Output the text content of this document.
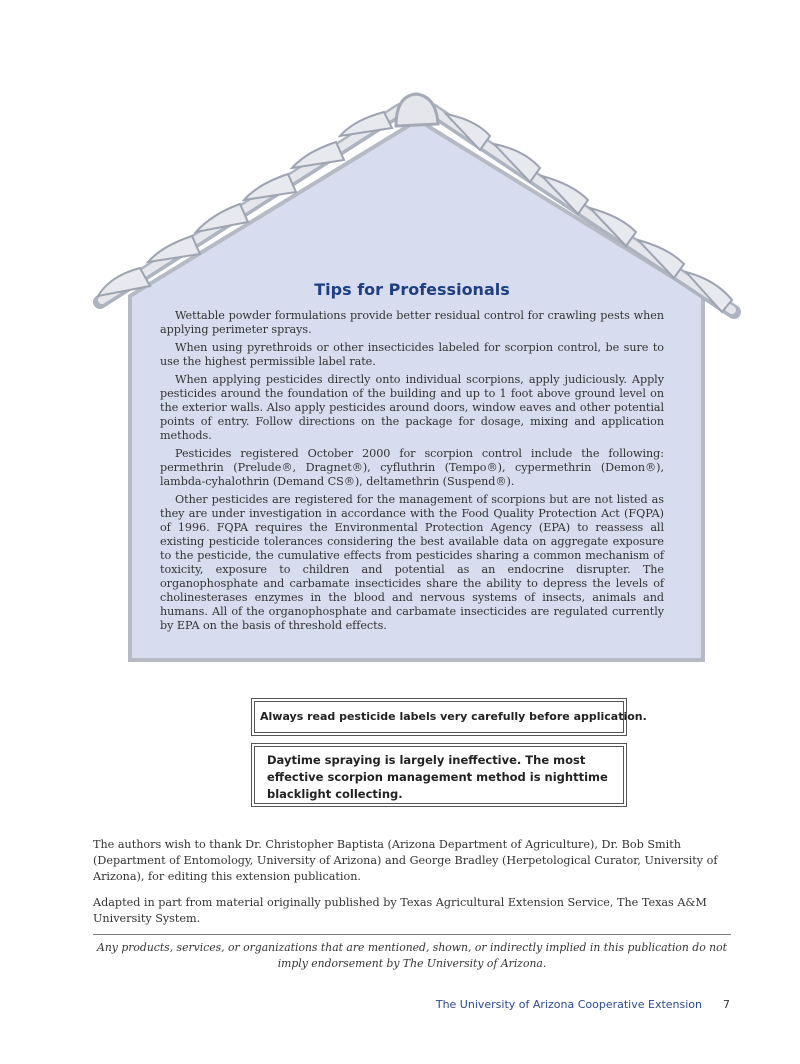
Tips for Professionals

Wettable powder formulations provide better residual control for crawling pests when applying perimeter sprays.

When using pyrethroids or other insecticides labeled for scorpion control, be sure to use the highest permissible label rate.

When applying pesticides directly onto individual scorpions, apply judiciously. Apply pesticides around the foundation of the building and up to 1 foot above ground level on the exterior walls. Also apply pesticides around doors, window eaves and other potential points of entry. Follow directions on the package for dosage, mixing and application methods.

Pesticides registered October 2000 for scorpion control include the following: permethrin (Prelude®, Dragnet®), cyfluthrin (Tempo®), cypermethrin (Demon®), lambda-cyhalothrin (Demand CS®), deltamethrin (Suspend®).

Other pesticides are registered for the management of scorpions but are not listed as they are under investigation in accordance with the Food Quality Protection Act (FQPA) of 1996. FQPA requires the Environmental Protection Agency (EPA) to reassess all existing pesticide tolerances considering the best available data on aggregate exposure to the pesticide, the cumulative effects from pesticides sharing a common mechanism of toxicity, exposure to children and potential as an endocrine disrupter. The organophosphate and carbamate insecticides share the ability to depress the levels of cholinesterases enzymes in the blood and nervous systems of insects, animals and humans. All of the organophosphate and carbamate insecticides are regulated currently by EPA on the basis of threshold effects.

Always read pesticide labels very carefully before application.
Daytime spraying is largely ineffective. The most effective scorpion management method is nighttime blacklight collecting.

The authors wish to thank Dr. Christopher Baptista (Arizona Department of Agriculture), Dr. Bob Smith (Department of Entomology, University of Arizona) and George Bradley (Herpetological Curator, University of Arizona), for editing this extension publication.

Adapted in part from material originally published by Texas Agricultural Extension Service, The Texas A&M University System.

Any products, services, or organizations that are mentioned, shown, or indirectly implied in this publication do not imply endorsement by The University of Arizona.
The University of Arizona Cooperative Extension 7
